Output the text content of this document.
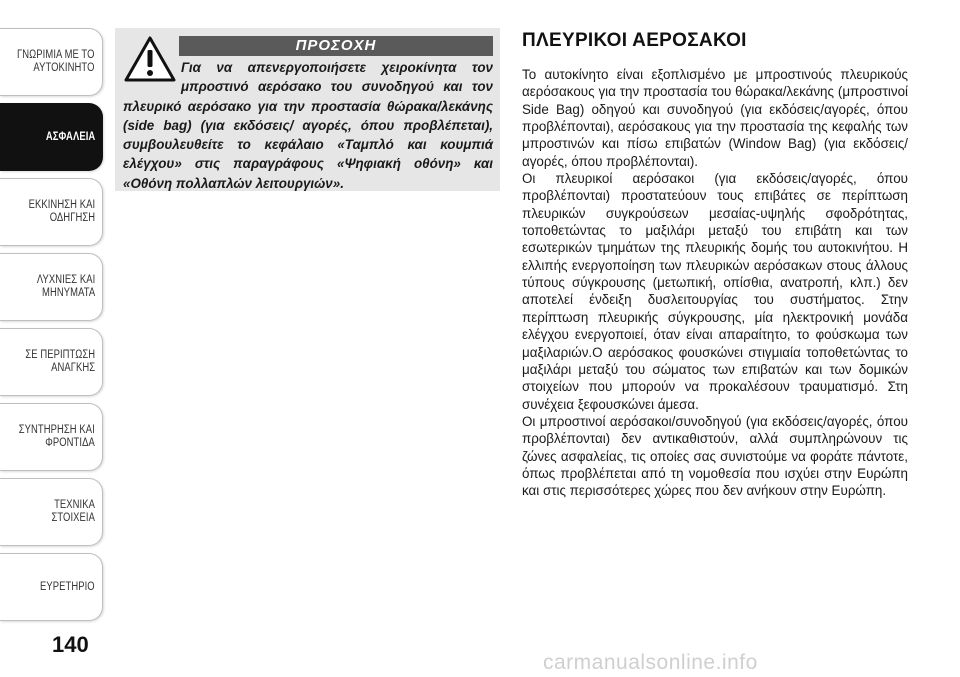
ΓΝΩΡΙΜΙΑ ΜΕ ΤΟ
ΑΥΤΟΚΙΝΗΤΟ
ΑΣΦΑΛΕΙΑ
ΕΚΚΙΝΗΣΗ ΚΑΙ
ΟΔΗΓΗΣΗ
ΛΥΧΝΙΕΣ ΚΑΙ
ΜΗΝΥΜΑΤΑ
ΣΕ ΠΕΡΙΠΤΩΣΗ
ΑΝΑΓΚΗΣ
ΣΥΝΤΗΡΗΣΗ ΚΑΙ
ΦΡΟΝΤΙΔΑ
ΤΕΧΝΙΚΑ ΣΤΟΙΧΕΙΑ
ΕΥΡΕΤΗΡΙΟ
140
ΠΡΟΣΟΧΗ

Για να απενεργοποιήσετε χειροκίνητα τον μπροστινό αερόσακο του συνοδηγού και τον πλευρικό αερόσακο για την προστασία θώρακα/λεκάνης (side bag) (για εκδόσεις/ αγορές, όπου προβλέπεται), συμβουλευθείτε το κεφάλαιο «Ταμπλό και κουμπιά ελέγχου» στις παραγράφους «Ψηφιακή οθόνη» και «Οθόνη πολλαπλών λειτουργιών».

ΠΛΕΥΡΙΚΟΙ ΑΕΡΟΣΑΚΟΙ

Το αυτοκίνητο είναι εξοπλισμένο με μπροστινούς πλευρικούς αερόσακους για την προστασία του θώρακα/λεκάνης (μπροστινοί Side Bag) οδηγού και συνοδηγού (για εκδόσεις/αγορές, όπου προβλέπονται), αερόσακους για την προστασία της κεφαλής των μπροστινών και πίσω επιβατών (Window Bag) (για εκδόσεις/αγορές, όπου προβλέπονται).

Οι πλευρικοί αερόσακοι (για εκδόσεις/αγορές, όπου προβλέπονται) προστατεύουν τους επιβάτες σε περίπτωση πλευρικών συγκρούσεων μεσαίας-υψηλής σφοδρότητας, τοποθετώντας το μαξιλάρι μεταξύ του επιβάτη και των εσωτερικών τμημάτων της πλευρικής δομής του αυτοκινήτου. Η ελλιπής ενεργοποίηση των πλευρικών αερόσακων στους άλλους τύπους σύγκρουσης (μετωπική, οπίσθια, ανατροπή, κλπ.) δεν αποτελεί ένδειξη δυσλειτουργίας του συστήματος. Στην περίπτωση πλευρικής σύγκρουσης, μία ηλεκτρονική μονάδα ελέγχου ενεργοποιεί, όταν είναι απαραίτητο, το φούσκωμα των μαξιλαριών.Ο αερόσακος φουσκώνει στιγμιαία τοποθετώντας το μαξιλάρι μεταξύ του σώματος των επιβατών και των δομικών στοιχείων που μπορούν να προκαλέσουν τραυματισμό. Στη συνέχεια ξεφουσκώνει άμεσα.

Οι μπροστινοί αερόσακοι/συνοδηγού (για εκδόσεις/αγορές, όπου προβλέπονται) δεν αντικαθιστούν, αλλά συμπληρώνουν τις ζώνες ασφαλείας, τις οποίες σας συνιστούμε να φοράτε πάντοτε, όπως προβλέπεται από τη νομοθεσία που ισχύει στην Ευρώπη και στις περισσότερες χώρες που δεν ανήκουν στην Ευρώπη.

carmanualsonline.info
